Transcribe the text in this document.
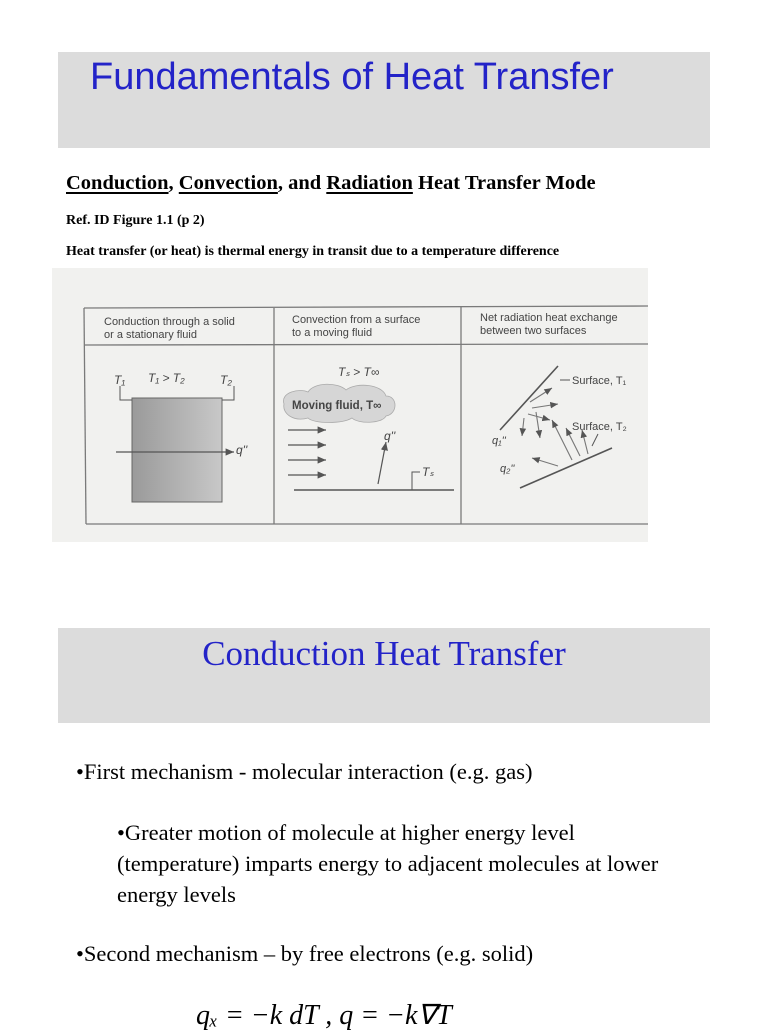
Fundamentals of Heat Transfer
Conduction, Convection, and Radiation Heat Transfer Mode
Ref. ID Figure 1.1 (p 2)
Heat transfer (or heat) is thermal energy in transit due to a temperature difference
Conduction through a solid
or a stationary fluid
Convection from a surface
to a moving fluid
Net radiation heat exchange
between two surfaces
T₁ > T₂
T₁	T₂
q''
Tₛ > T∞
Moving fluid, T∞
q''
Tₛ
Surface, T₁
Surface, T₂
q₁''
q₂''
Conduction Heat Transfer
•First mechanism - molecular interaction (e.g. gas)
•Greater motion of molecule at higher energy level (temperature) imparts energy to adjacent molecules at lower energy levels
•Second mechanism – by free electrons (e.g. solid)
qₓ = −k dT , q = −k∇T
